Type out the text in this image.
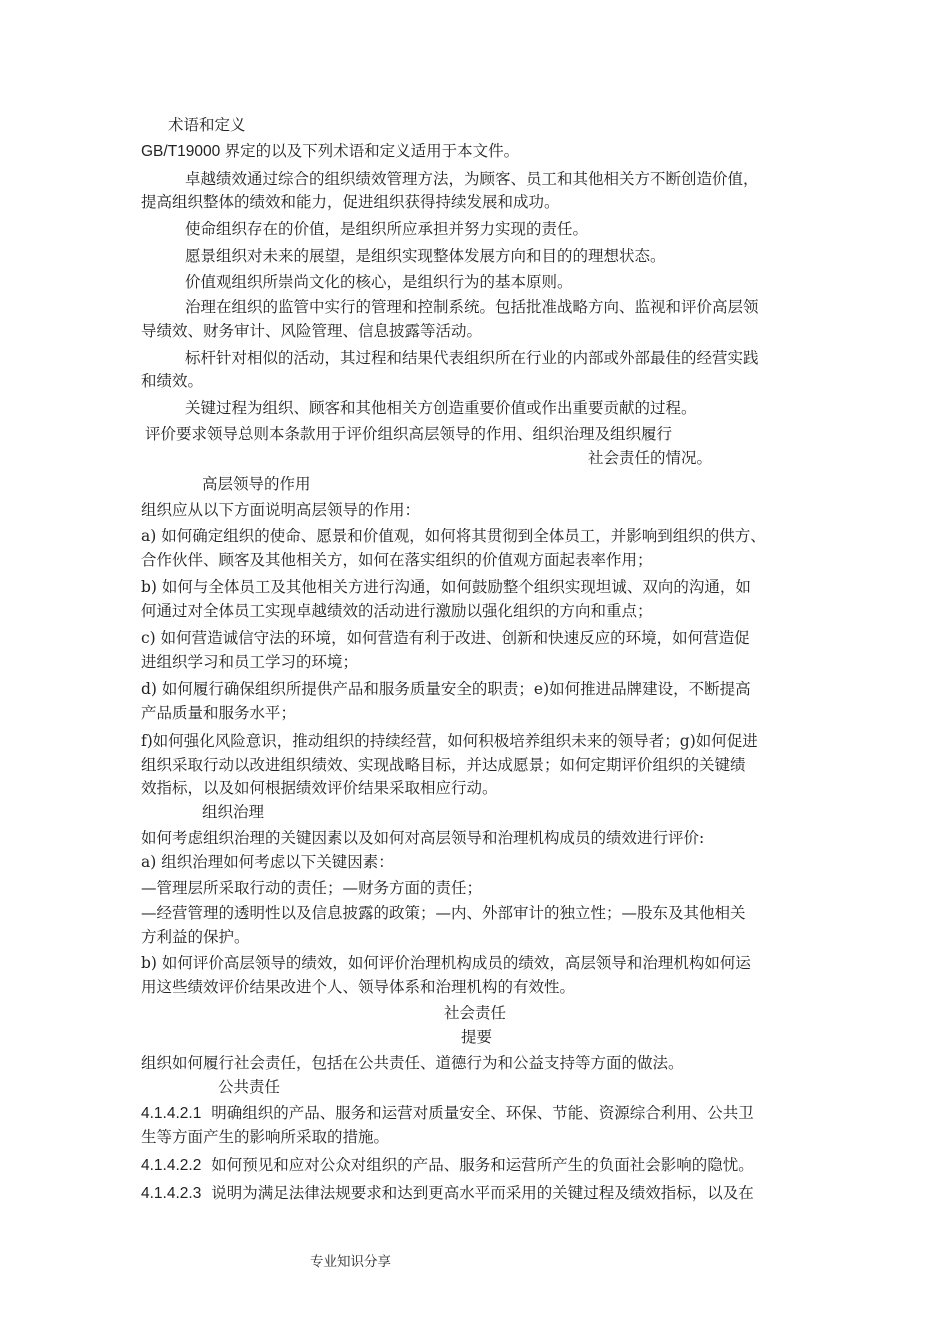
术语和定义
GB/T19000 界定的以及下列术语和定义适用于本文件。
卓越绩效通过综合的组织绩效管理方法，为顾客、员工和其他相关方不断创造价值，
提高组织整体的绩效和能力，促进组织获得持续发展和成功。
使命组织存在的价值，是组织所应承担并努力实现的责任。
愿景组织对未来的展望，是组织实现整体发展方向和目的的理想状态。
价值观组织所崇尚文化的核心，是组织行为的基本原则。
治理在组织的监管中实行的管理和控制系统。包括批准战略方向、监视和评价高层领
导绩效、财务审计、风险管理、信息披露等活动。
标杆针对相似的活动，其过程和结果代表组织所在行业的内部或外部最佳的经营实践
和绩效。
关键过程为组织、顾客和其他相关方创造重要价值或作出重要贡献的过程。
评价要求领导总则本条款用于评价组织高层领导的作用、组织治理及组织履行
社会责任的情况。
高层领导的作用
组织应从以下方面说明高层领导的作用：
a) 如何确定组织的使命、愿景和价值观，如何将其贯彻到全体员工，并影响到组织的供方、
合作伙伴、顾客及其他相关方，如何在落实组织的价值观方面起表率作用；
b) 如何与全体员工及其他相关方进行沟通，如何鼓励整个组织实现坦诚、双向的沟通，如
何通过对全体员工实现卓越绩效的活动进行激励以强化组织的方向和重点；
c) 如何营造诚信守法的环境，如何营造有利于改进、创新和快速反应的环境，如何营造促
进组织学习和员工学习的环境；
d) 如何履行确保组织所提供产品和服务质量安全的职责；e)如何推进品牌建设，不断提高
产品质量和服务水平；
f)如何强化风险意识，推动组织的持续经营，如何积极培养组织未来的领导者；g)如何促进
组织采取行动以改进组织绩效、实现战略目标，并达成愿景；如何定期评价组织的关键绩
效指标，以及如何根据绩效评价结果采取相应行动。
组织治理
如何考虑组织治理的关键因素以及如何对高层领导和治理机构成员的绩效进行评价:
a) 组织治理如何考虑以下关键因素：
—管理层所采取行动的责任；—财务方面的责任；
—经营管理的透明性以及信息披露的政策；—内、外部审计的独立性；—股东及其他相关
方利益的保护。
b) 如何评价高层领导的绩效，如何评价治理机构成员的绩效，高层领导和治理机构如何运
用这些绩效评价结果改进个人、领导体系和治理机构的有效性。
社会责任
提要
组织如何履行社会责任，包括在公共责任、道德行为和公益支持等方面的做法。
公共责任
4.1.4.2.1 明确组织的产品、服务和运营对质量安全、环保、节能、资源综合利用、公共卫
生等方面产生的影响所采取的措施。
4.1.4.2.2 如何预见和应对公众对组织的产品、服务和运营所产生的负面社会影响的隐忧。
4.1.4.2.3 说明为满足法律法规要求和达到更高水平而采用的关键过程及绩效指标，以及在
专业知识分享
